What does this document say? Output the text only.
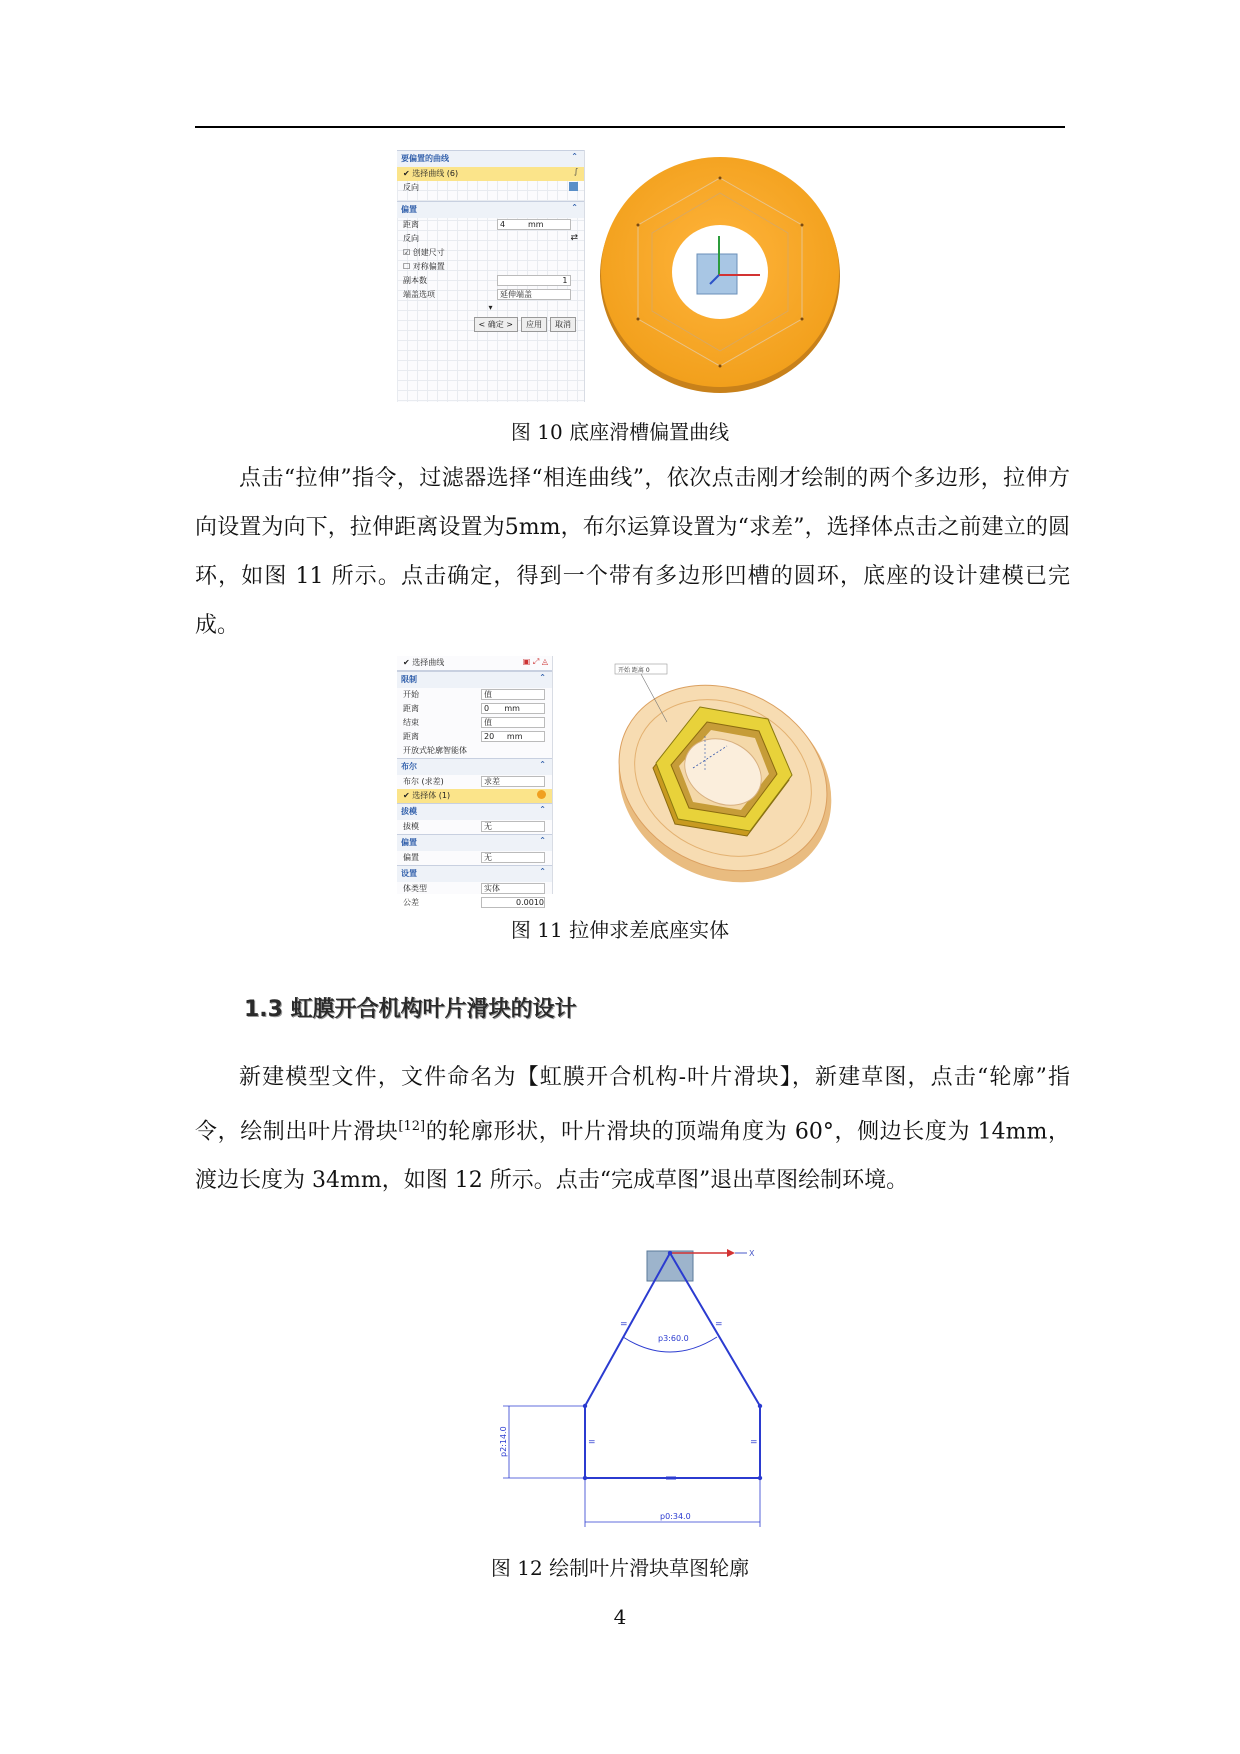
要偏置的曲线	⌃
✔ 选择曲线 (6)	∫
反向
偏置	⌃
距离	4	mm
反向	⇄
☑ 创建尺寸
☐ 对称偏置
副本数	1
端盖选项	延伸端盖
▾
< 确定 > 应用 取消
图 10 底座滑槽偏置曲线

点击“拉伸”指令，过滤器选择“相连曲线”，依次点击刚才绘制的两个多边形，拉伸方向设置为向下，拉伸距离设置为5mm，布尔运算设置为“求差”，选择体点击之前建立的圆环，如图 11 所示。点击确定，得到一个带有多边形凹槽的圆环，底座的设计建模已完成。

✔ 选择曲线	▣ ⤢ ◬
限制	⌃
开始	值
距离	0 mm
结束	值
距离	20 mm
开放式轮廓智能体
布尔	⌃
布尔 (求差)	求差
✔ 选择体 (1)
拔模	⌃
拔模	无
偏置	⌃
偏置	无
设置	⌃
体类型	实体
公差	0.0010
开始 距离 0
图 11 拉伸求差底座实体
1.3 虹膜开合机构叶片滑块的设计

新建模型文件，文件命名为【虹膜开合机构-叶片滑块】，新建草图，点击“轮廓”指令，绘制出叶片滑块[12]的轮廓形状，叶片滑块的顶端角度为 60°，侧边长度为 14mm，渡边长度为 34mm，如图 12 所示。点击“完成草图”退出草图绘制环境。

X
p3:60.0
=	=
=	=
p2:14.0
p0:34.0
图 12 绘制叶片滑块草图轮廓
4
